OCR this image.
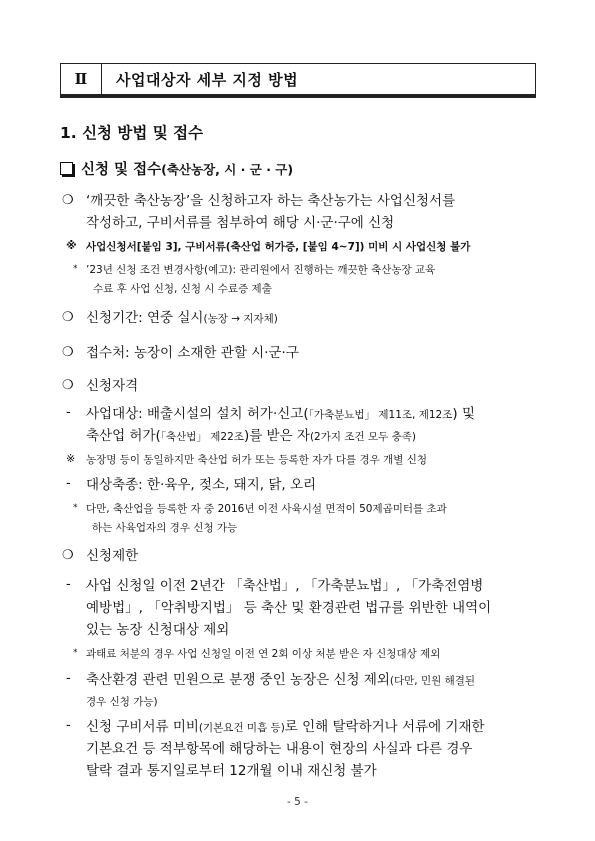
Ⅱ	사업대상자 세부 지정 방법
1. 신청 방법 및 접수
신청 및 접수(축산농장, 시 · 군 · 구)
❍ ‘깨끗한 축산농장’을 신청하고자 하는 축산농가는 사업신청서를
작성하고, 구비서류를 첨부하여 해당 시·군·구에 신청
※ 사업신청서[붙임 3], 구비서류(축산업 허가증, [붙임 4~7]) 미비 시 사업신청 불가
* ’23년 신청 조건 변경사항(예고): 관리원에서 진행하는 깨끗한 축산농장 교육
수료 후 사업 신청, 신청 시 수료증 제출
❍ 신청기간: 연중 실시(농장 → 지자체)
❍ 접수처: 농장이 소재한 관할 시·군·구
❍ 신청자격
- 사업대상: 배출시설의 설치 허가·신고(「가축분뇨법」 제11조, 제12조) 및
축산업 허가(「축산법」 제22조)를 받은 자(2가지 조건 모두 충족)
※ 농장명 등이 동일하지만 축산업 허가 또는 등록한 자가 다를 경우 개별 신청
- 대상축종: 한·육우, 젖소, 돼지, 닭, 오리
* 다만, 축산업을 등록한 자 중 2016년 이전 사육시설 면적이 50제곱미터를 초과
하는 사육업자의 경우 신청 가능
❍ 신청제한
- 사업 신청일 이전 2년간 「축산법」, 「가축분뇨법」, 「가축전염병
예방법」, 「악취방지법」 등 축산 및 환경관련 법규를 위반한 내역이
있는 농장 신청대상 제외
* 과태료 처분의 경우 사업 신청일 이전 연 2회 이상 처분 받은 자 신청대상 제외
- 축산환경 관련 민원으로 분쟁 중인 농장은 신청 제외(다만, 민원 해결된
경우 신청 가능)
- 신청 구비서류 미비(기본요건 미흡 등)로 인해 탈락하거나 서류에 기재한
기본요건 등 적부항목에 해당하는 내용이 현장의 사실과 다른 경우
탈락 결과 통지일로부터 12개월 이내 재신청 불가
- 5 -
